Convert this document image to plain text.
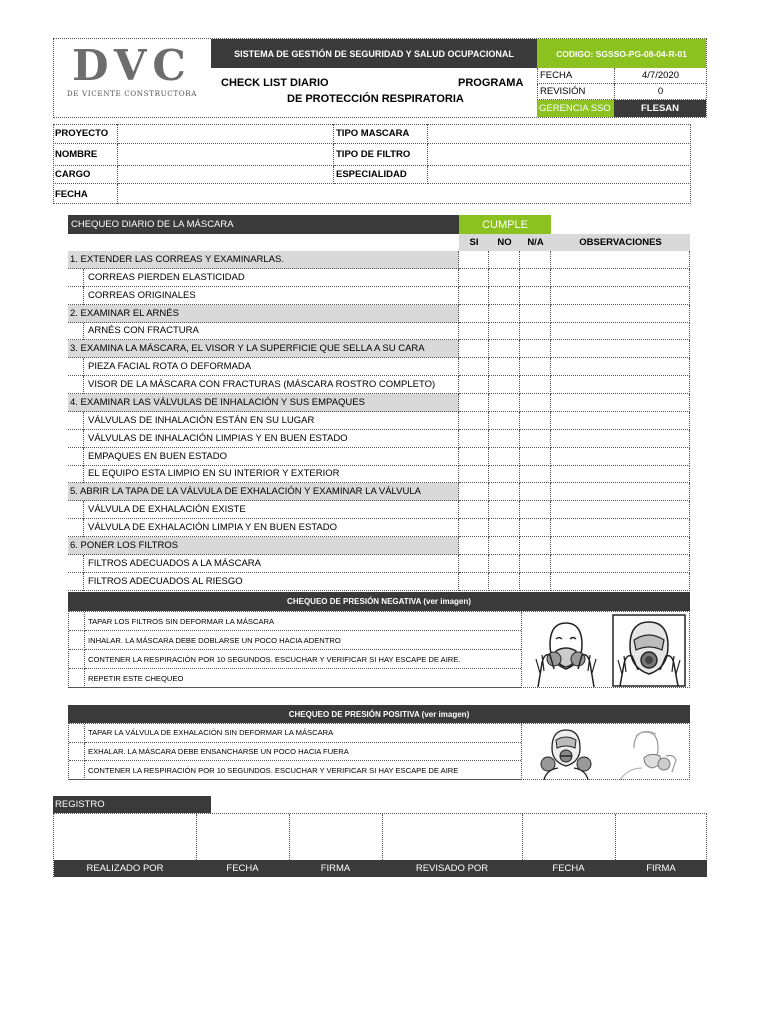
DVC
DE VICENTE CONSTRUCTORA
SISTEMA DE GESTIÓN DE SEGURIDAD Y SALUD OCUPACIONAL	CODIGO: SGSSO-PG-08-04-R-01
CHECK LIST DIARIO	PROGRAMA
DE PROTECCIÓN RESPIRATORIA
FECHA	4/7/2020
REVISIÓN	0
GERENCIA SSO	FLESAN
PROYECTO	TIPO MASCARA
NOMBRE	TIPO DE FILTRO
CARGO	ESPECIALIDAD
FECHA
CUMPLE
CHEQUEO DIARIO DE LA MÁSCARA
SI	NO	N/A	OBSERVACIONES
1. EXTENDER LAS CORREAS Y EXAMINARLAS.
CORREAS PIERDEN ELASTICIDAD
CORREAS ORIGINALES
2. EXAMINAR EL ARNÉS
ARNÉS CON FRACTURA
3. EXAMINA LA MÁSCARA, EL VISOR Y LA SUPERFICIE QUE SELLA A SU CARA
PIEZA FACIAL ROTA O DEFORMADA
VISOR DE LA MÁSCARA CON FRACTURAS (MÁSCARA ROSTRO COMPLETO)
4. EXAMINAR LAS VÁLVULAS DE INHALACIÓN Y SUS EMPAQUES
VÁLVULAS DE INHALACIÓN ESTÁN EN SU LUGAR
VÁLVULAS DE INHALACIÓN LIMPIAS Y EN BUEN ESTADO
EMPAQUES EN BUEN ESTADO
EL EQUIPO ESTA LIMPIO EN SU INTERIOR Y EXTERIOR
5. ABRIR LA TAPA DE LA VÁLVULA DE EXHALACIÓN Y EXAMINAR LA VÁLVULA
VÁLVULA DE EXHALACIÓN EXISTE
VÁLVULA DE EXHALACIÓN LIMPIA Y EN BUEN ESTADO
6. PONER LOS FILTROS
FILTROS ADECUADOS A LA MÁSCARA
FILTROS ADECUADOS AL RIESGO
CHEQUEO DE PRESIÓN NEGATIVA (ver imagen)
TAPAR LOS FILTROS SIN DEFORMAR LA MÁSCARA
INHALAR. LA MÁSCARA DEBE DOBLARSE UN POCO HACIA ADENTRO
CONTENER LA RESPIRACIÓN POR 10 SEGUNDOS. ESCUCHAR Y VERIFICAR SI HAY ESCAPE DE AIRE.
REPETIR ESTE CHEQUEO
CHEQUEO DE PRESIÓN POSITIVA (ver imagen)
TAPAR LA VÁLVULA DE EXHALACIÓN SIN DEFORMAR LA MÁSCARA
EXHALAR. LA MÁSCARA DEBE ENSANCHARSE UN POCO HACIA FUERA
CONTENER LA RESPIRACIÓN POR 10 SEGUNDOS. ESCUCHAR Y VERIFICAR SI HAY ESCAPE DE AIRE
REGISTRO
REALIZADO POR	FECHA	FIRMA	REVISADO POR	FECHA	FIRMA
